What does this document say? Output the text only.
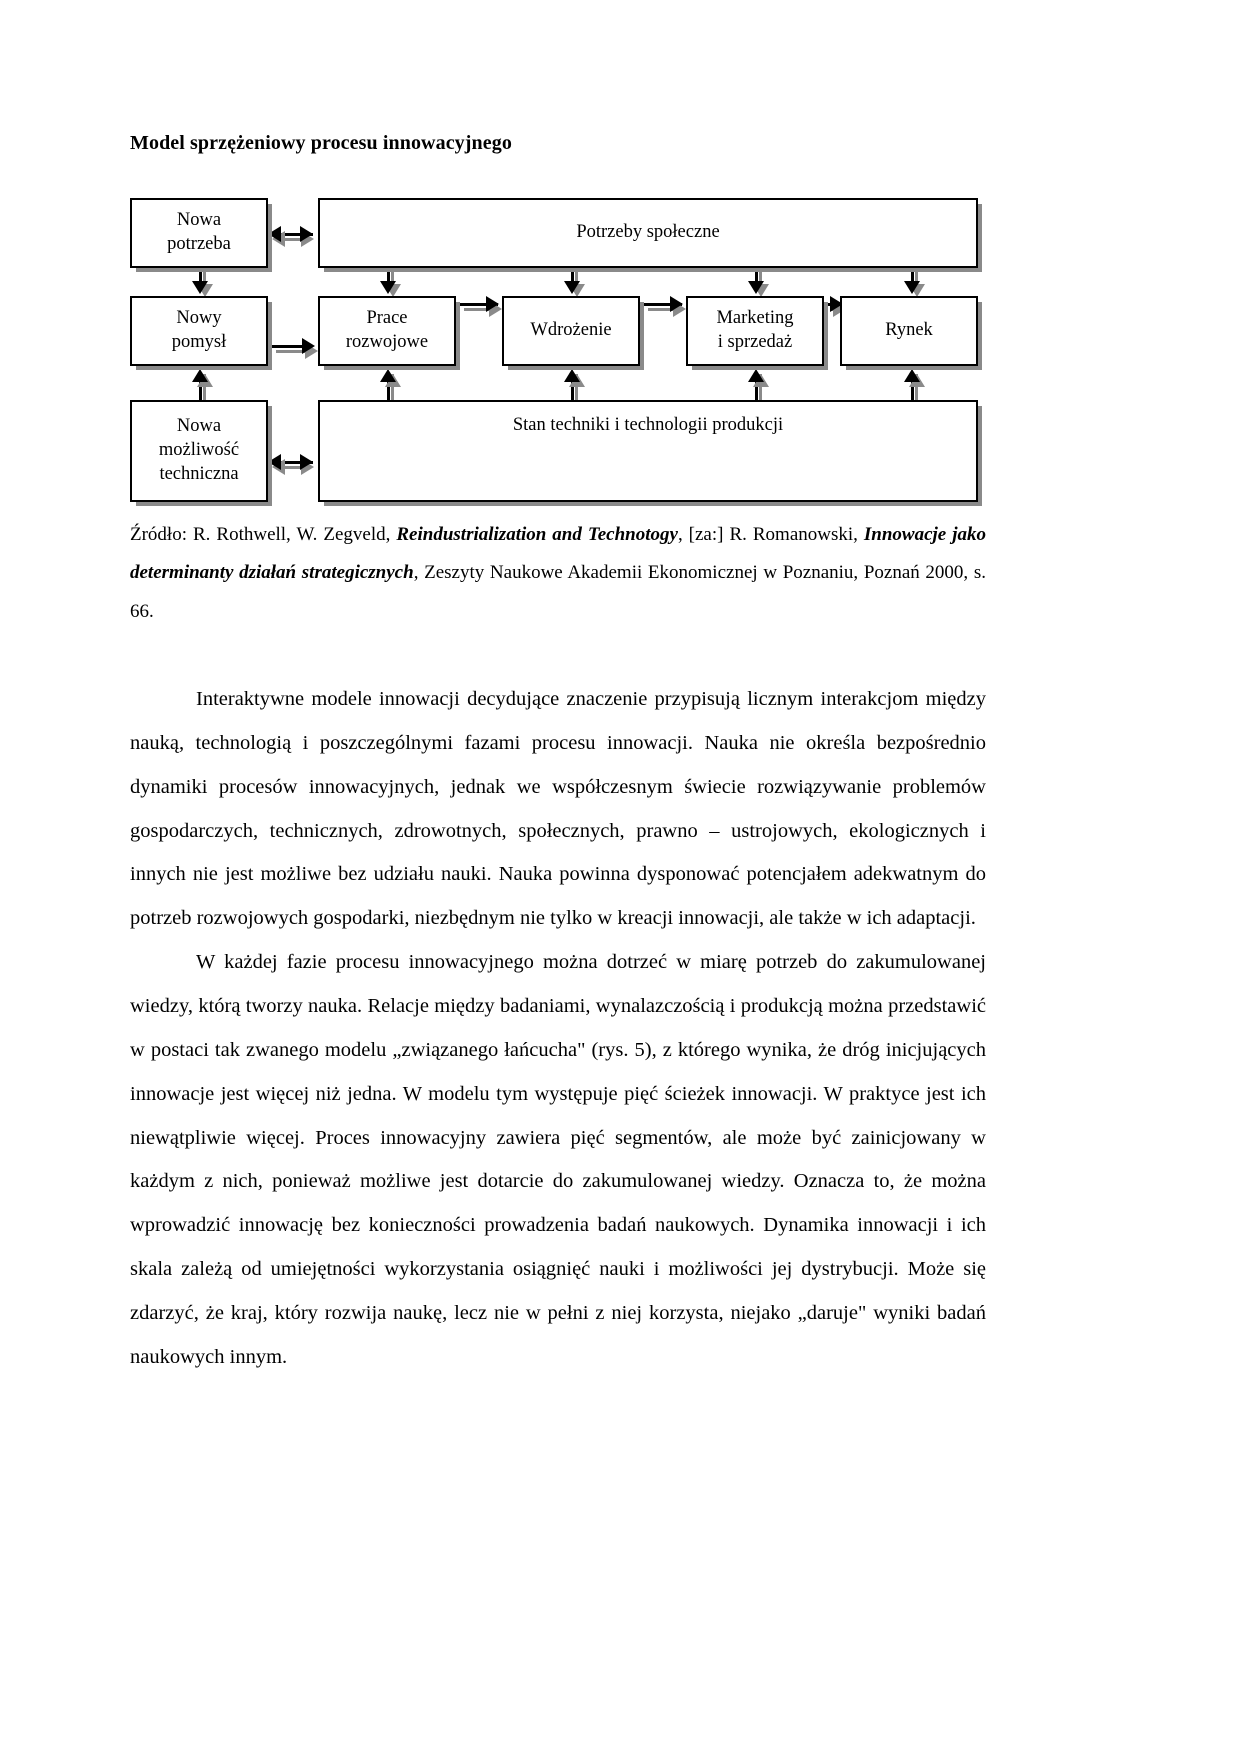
Model sprzężeniowy procesu innowacyjnego
Nowa
potrzeba
Potrzeby społeczne
Nowy
pomysł
Prace
rozwojowe
Wdrożenie
Marketing
i sprzedaż
Rynek
Nowa
możliwość
techniczna
Stan techniki i technologii produkcji
Źródło: R. Rothwell, W. Zegveld, Reindustrialization and Technotogy, [za:] R. Romanowski, Innowacje jako determinanty działań strategicznych, Zeszyty Naukowe Akademii Ekonomicznej w Poznaniu, Poznań 2000, s. 66.

Interaktywne modele innowacji decydujące znaczenie przypisują licznym interakcjom między nauką, technologią i poszczególnymi fazami procesu innowacji. Nauka nie określa bezpośrednio dynamiki procesów innowacyjnych, jednak we współczesnym świecie rozwiązywanie problemów gospodarczych, technicznych, zdrowotnych, społecznych, prawno – ustrojowych, ekologicznych i innych nie jest możliwe bez udziału nauki. Nauka powinna dysponować potencjałem adekwatnym do potrzeb rozwojowych gospodarki, niezbędnym nie tylko w kreacji innowacji, ale także w ich adaptacji.

W każdej fazie procesu innowacyjnego można dotrzeć w miarę potrzeb do zakumulowanej wiedzy, którą tworzy nauka. Relacje między badaniami, wynalazczością i produkcją można przedstawić w postaci tak zwanego modelu „związanego łańcucha" (rys. 5), z którego wynika, że dróg inicjujących innowacje jest więcej niż jedna. W modelu tym występuje pięć ścieżek innowacji. W praktyce jest ich niewątpliwie więcej. Proces innowacyjny zawiera pięć segmentów, ale może być zainicjowany w każdym z nich, ponieważ możliwe jest dotarcie do zakumulowanej wiedzy. Oznacza to, że można wprowadzić innowację bez konieczności prowadzenia badań naukowych. Dynamika innowacji i ich skala zależą od umiejętności wykorzystania osiągnięć nauki i możliwości jej dystrybucji. Może się zdarzyć, że kraj, który rozwija naukę, lecz nie w pełni z niej korzysta, niejako „daruje" wyniki badań naukowych innym.
